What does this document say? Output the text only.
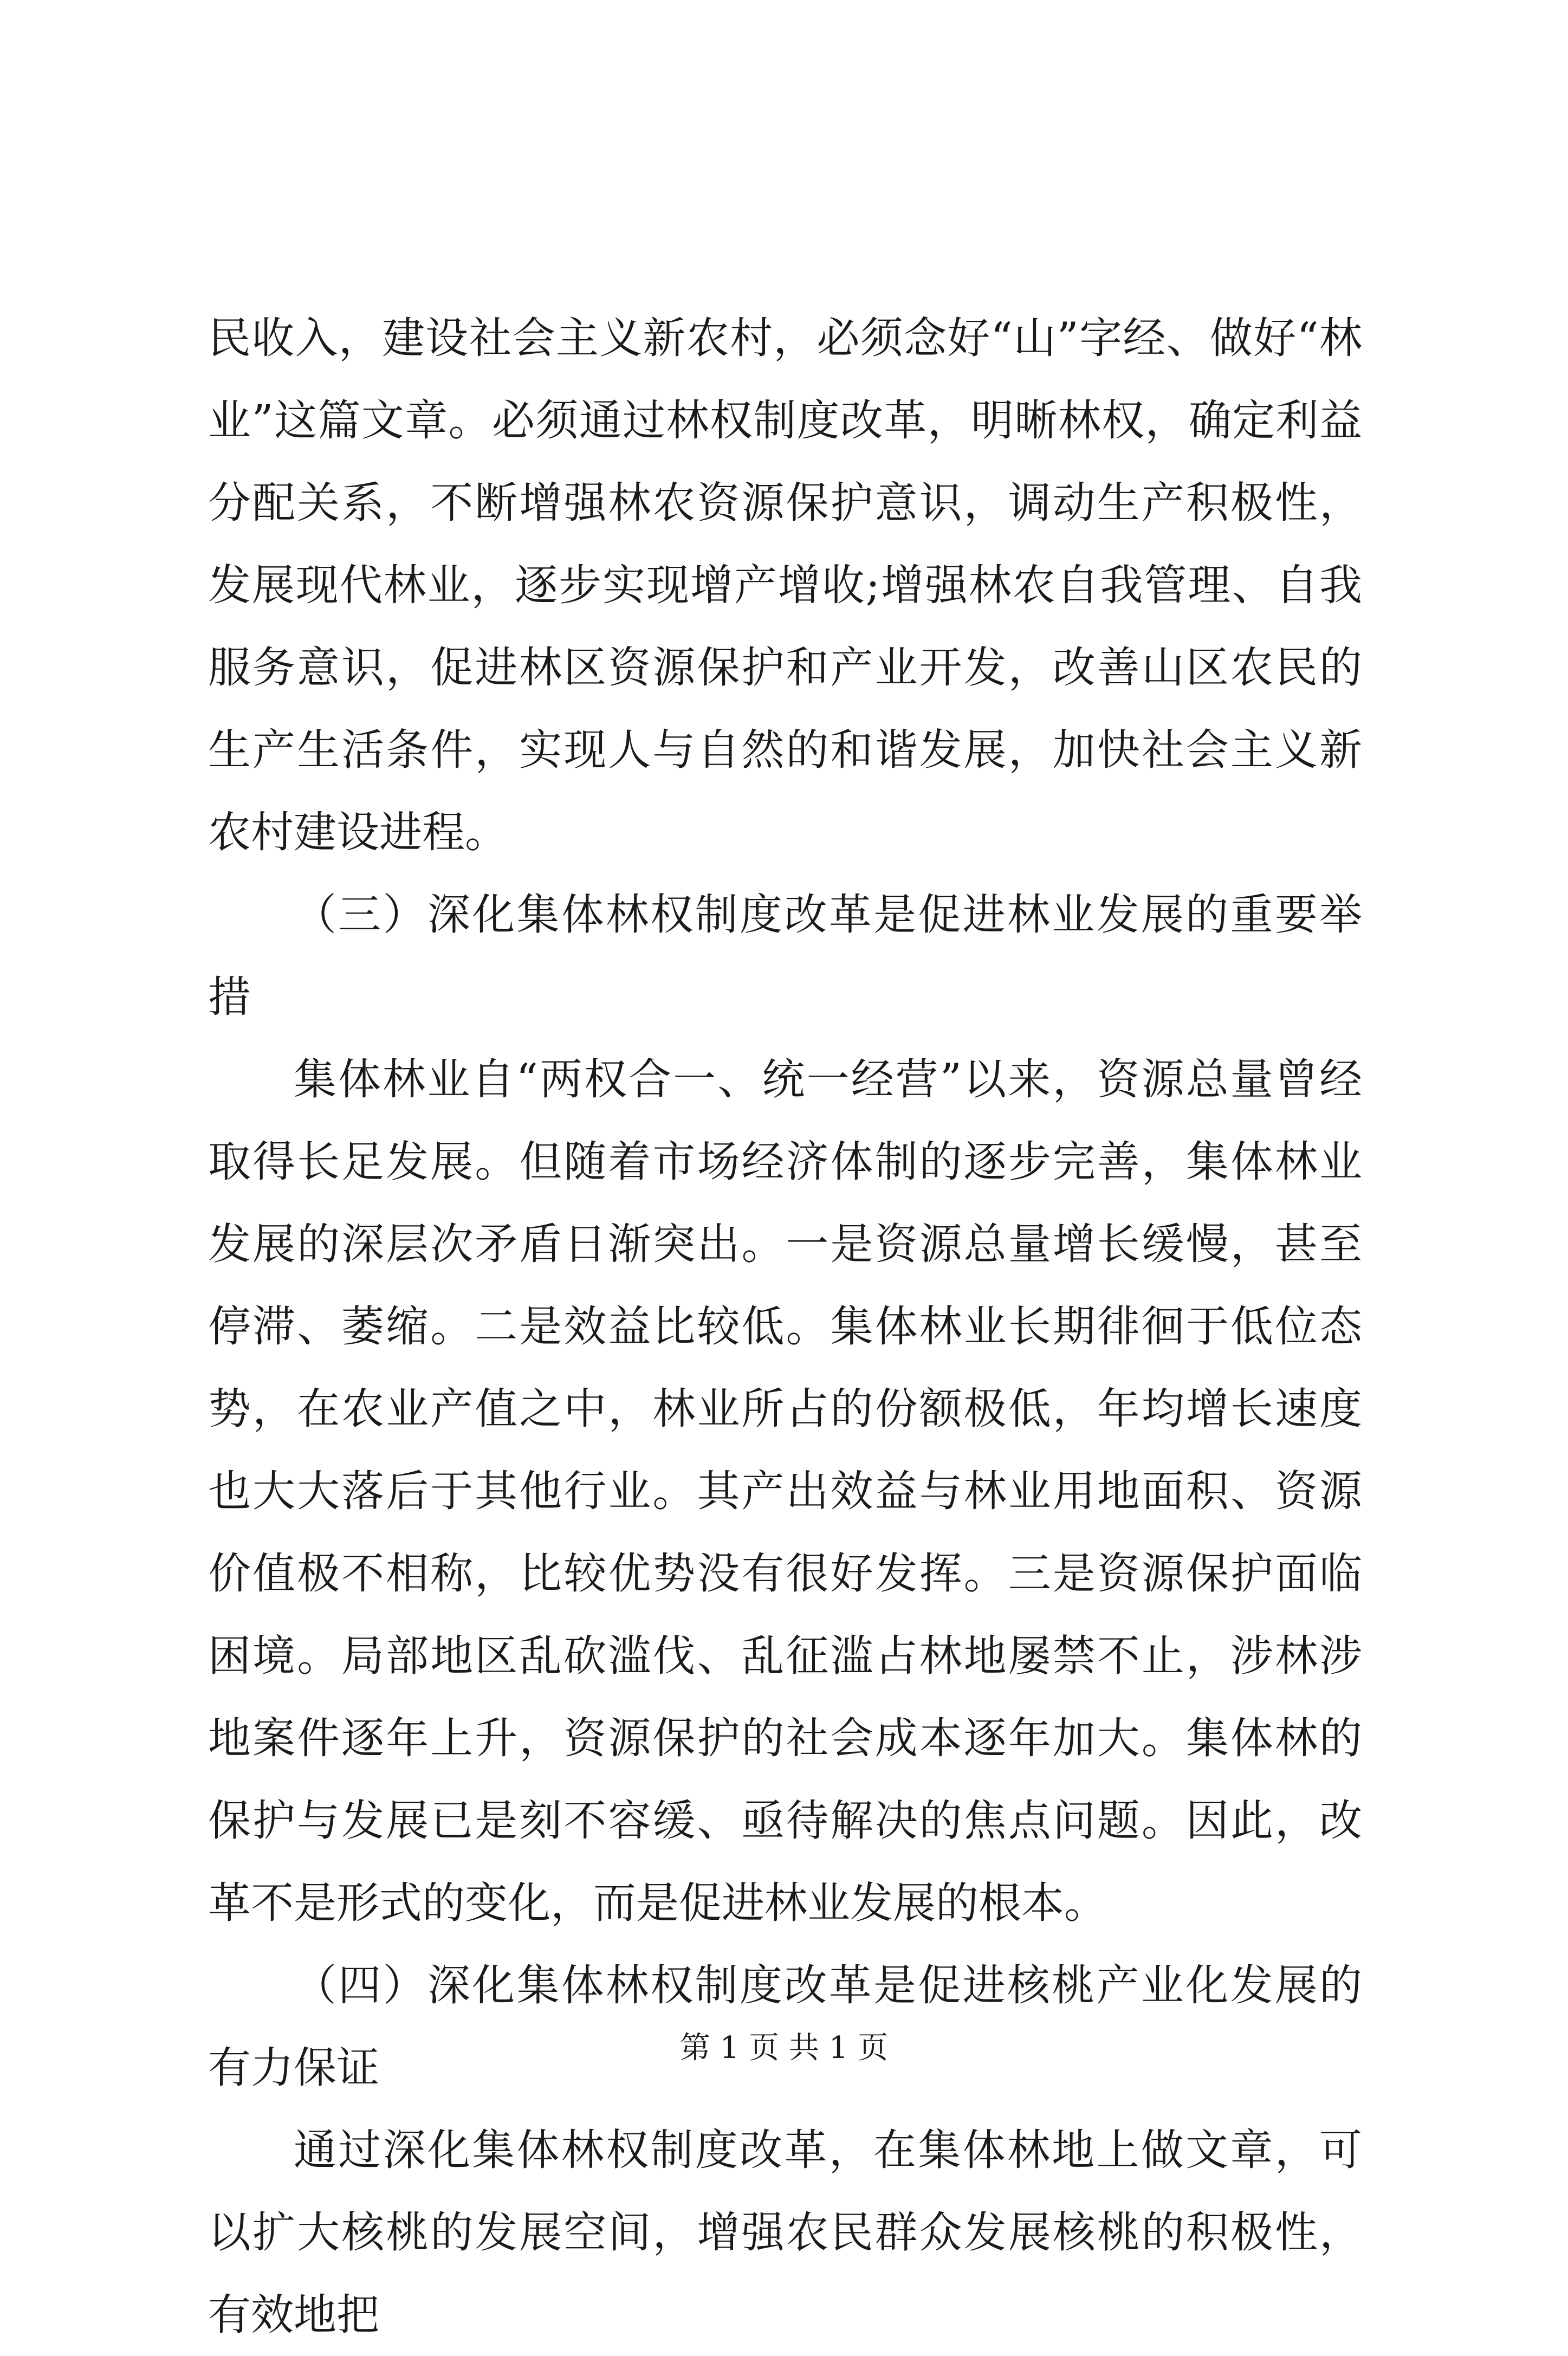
民收入，建设社会主义新农村，必须念好“山”字经、做好“林业”这篇文章。必须通过林权制度改革，明晰林权，确定利益分配关系，不断增强林农资源保护意识，调动生产积极性，发展现代林业，逐步实现增产增收;增强林农自我管理、自我服务意识，促进林区资源保护和产业开发，改善山区农民的生产生活条件，实现人与自然的和谐发展，加快社会主义新农村建设进程。

（三）深化集体林权制度改革是促进林业发展的重要举措

集体林业自“两权合一、统一经营”以来，资源总量曾经取得长足发展。但随着市场经济体制的逐步完善，集体林业发展的深层次矛盾日渐突出。一是资源总量增长缓慢，甚至停滞、萎缩。二是效益比较低。集体林业长期徘徊于低位态势，在农业产值之中，林业所占的份额极低，年均增长速度也大大落后于其他行业。其产出效益与林业用地面积、资源价值极不相称，比较优势没有很好发挥。三是资源保护面临困境。局部地区乱砍滥伐、乱征滥占林地屡禁不止，涉林涉地案件逐年上升，资源保护的社会成本逐年加大。集体林的保护与发展已是刻不容缓、亟待解决的焦点问题。因此，改革不是形式的变化，而是促进林业发展的根本。

（四）深化集体林权制度改革是促进核桃产业化发展的有力保证

通过深化集体林权制度改革，在集体林地上做文章，可以扩大核桃的发展空间，增强农民群众发展核桃的积极性，有效地把

第 1 页 共 1 页
